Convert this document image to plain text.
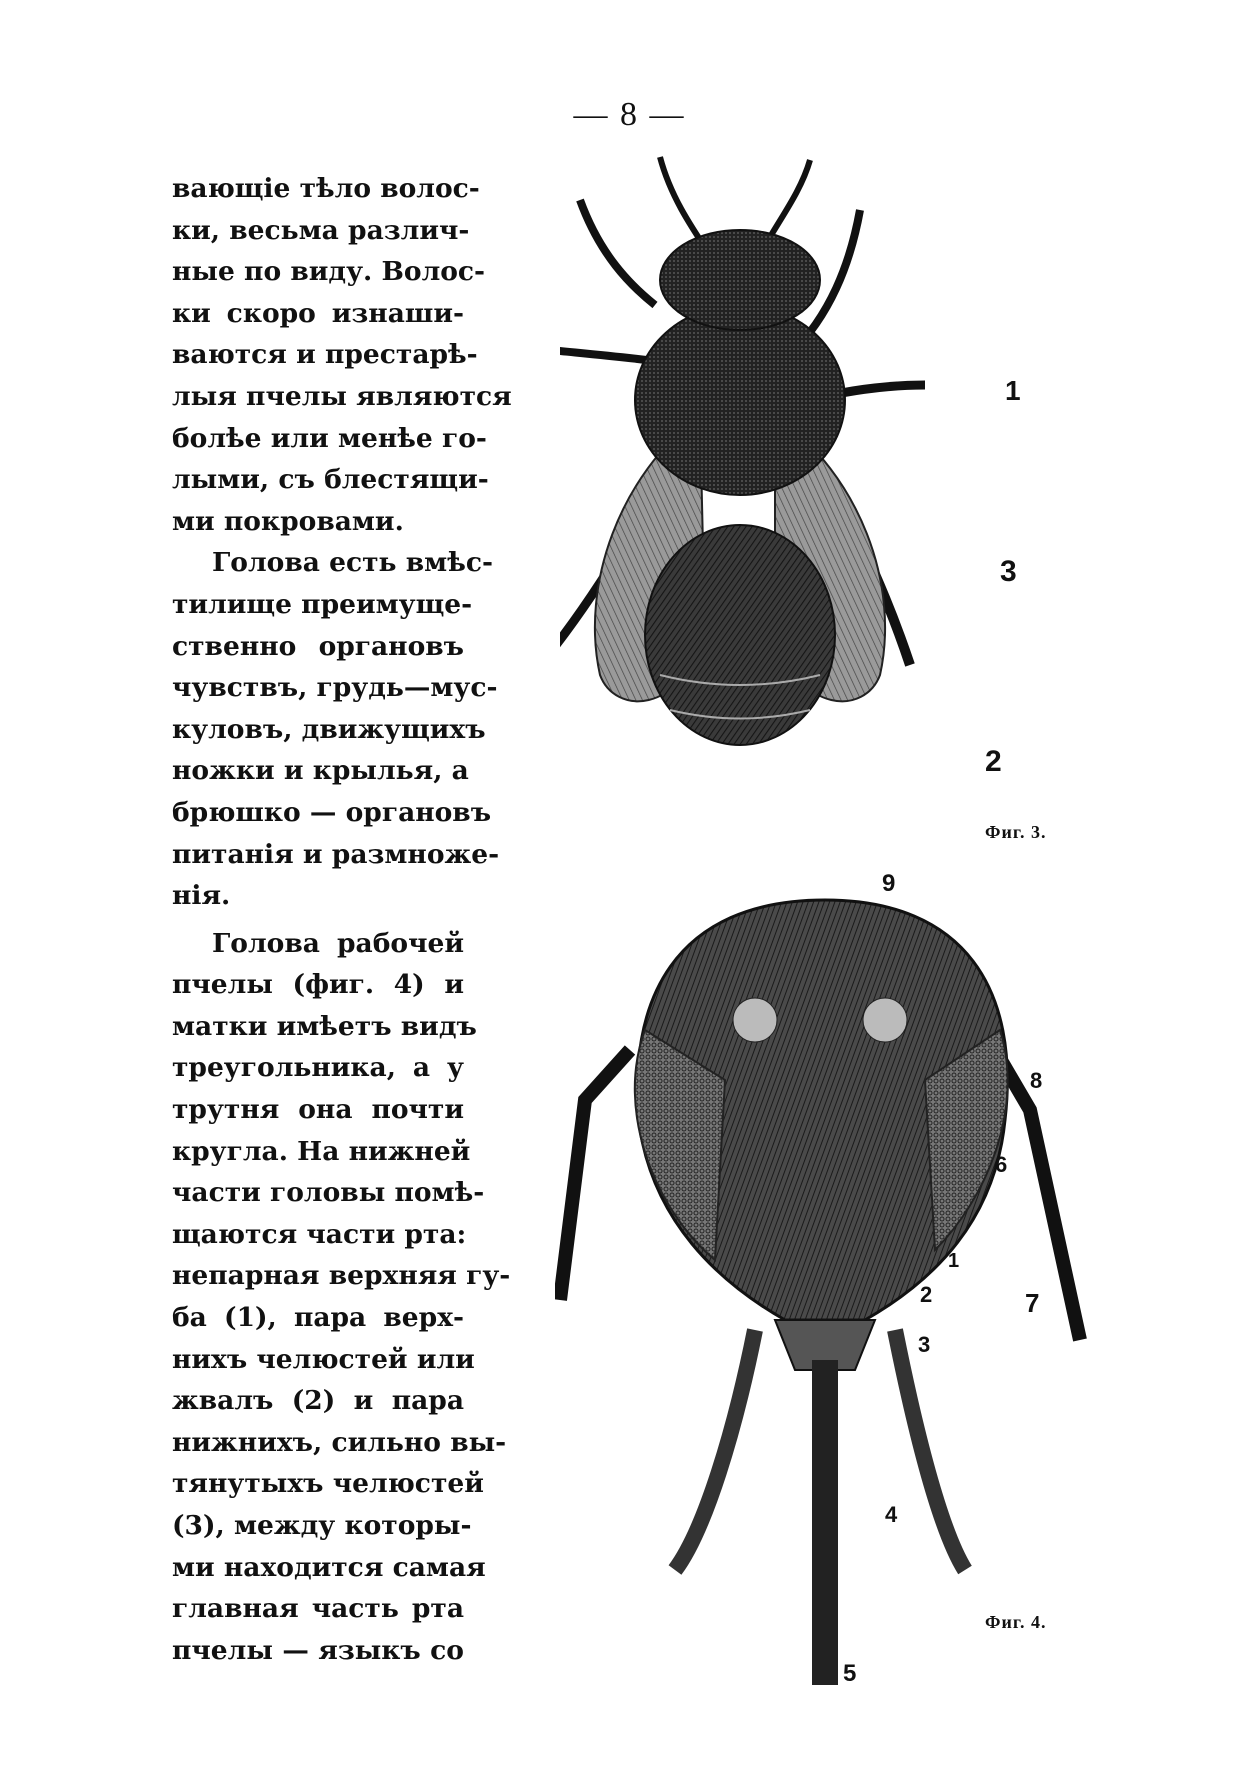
— 8 —
вающіе тѣло волос-
ки, весьма различ-
ные по виду. Волос-
ки скоро изнаши-
ваются и престарѣ-
лыя пчелы являются
болѣе или менѣе го-
лыми, съ блестящи-
ми покровами.
Голова есть вмѣс-
тилище преимуще-
ственно органовъ
чувствъ, грудь—мус-
куловъ, движущихъ
ножки и крылья, а
брюшко — органовъ
питанія и размноже-
нія.
Голова рабочей
пчелы (фиг. 4) и
матки имѣетъ видъ
треугольника, а у
трутня она почти
кругла. На нижней
части головы помѣ-
щаются части рта:
непарная верхняя гу-
ба (1), пара верх-
нихъ челюстей или
жвалъ (2) и пара
нижнихъ, сильно вы-
тянутыхъ челюстей
(3), между которы-
ми находится самая
главная часть рта
пчелы — языкъ со
1
3
2
Фиг. 3.
9
8
6
1
2	7
3
4
5
Фиг. 4.
